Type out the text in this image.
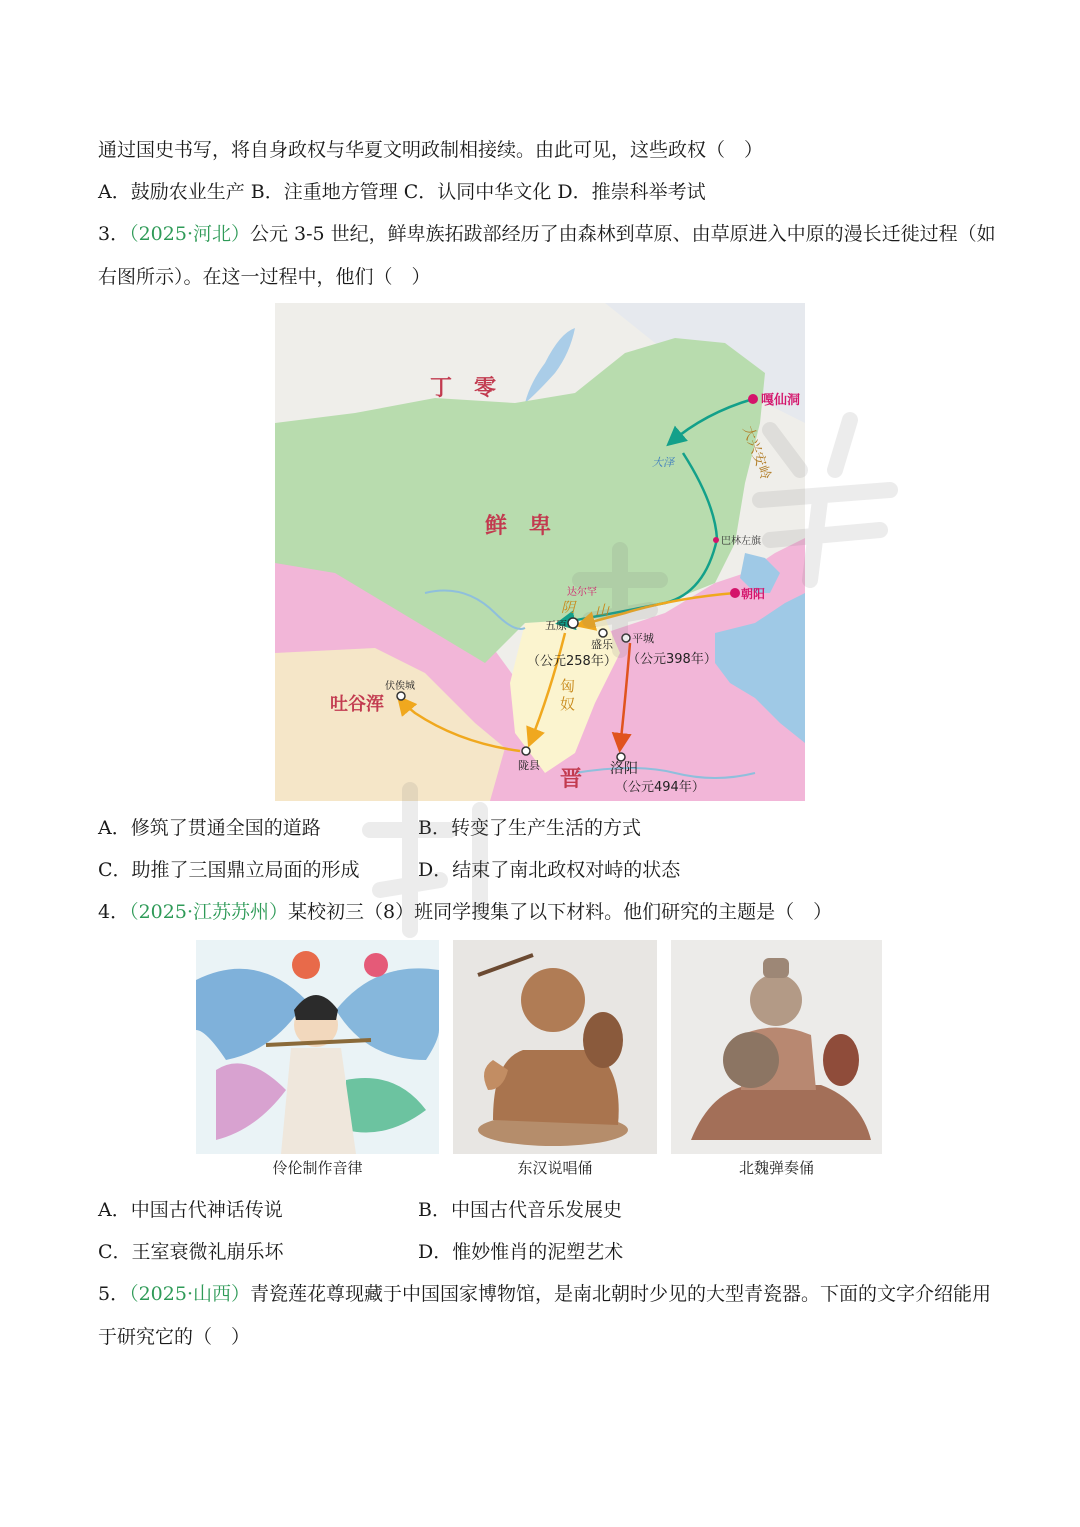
通过国史书写，将自身政权与华夏文明政制相接续。由此可见，这些政权（　）
A．鼓励农业生产 B．注重地方管理 C．认同中华文化 D．推崇科举考试
3．（2025·河北）公元 3-5 世纪，鲜卑族拓跋部经历了由森林到草原、由草原进入中原的漫长迁徙过程（如
右图所示）。在这一过程中，他们（　）
丁　零
鲜　卑
吐谷浑
晋
匈
奴
嘎仙洞
大兴安岭
大泽
巴林左旗
达尔罕
阴 山
朝阳
五原
盛乐 平城
（公元258年） （公元398年）
伏俟城
陇县	洛阳
（公元494年）
A．修筑了贯通全国的道路	B．转变了生产生活的方式
C．助推了三国鼎立局面的形成	D．结束了南北政权对峙的状态
4．（2025·江苏苏州）某校初三（8）班同学搜集了以下材料。他们研究的主题是（　）
伶伦制作音律	东汉说唱俑	北魏弹奏俑
A．中国古代神话传说	B．中国古代音乐发展史
C．王室衰微礼崩乐坏	D．惟妙惟肖的泥塑艺术
5．（2025·山西）青瓷莲花尊现藏于中国国家博物馆，是南北朝时少见的大型青瓷器。下面的文字介绍能用
于研究它的（　）
